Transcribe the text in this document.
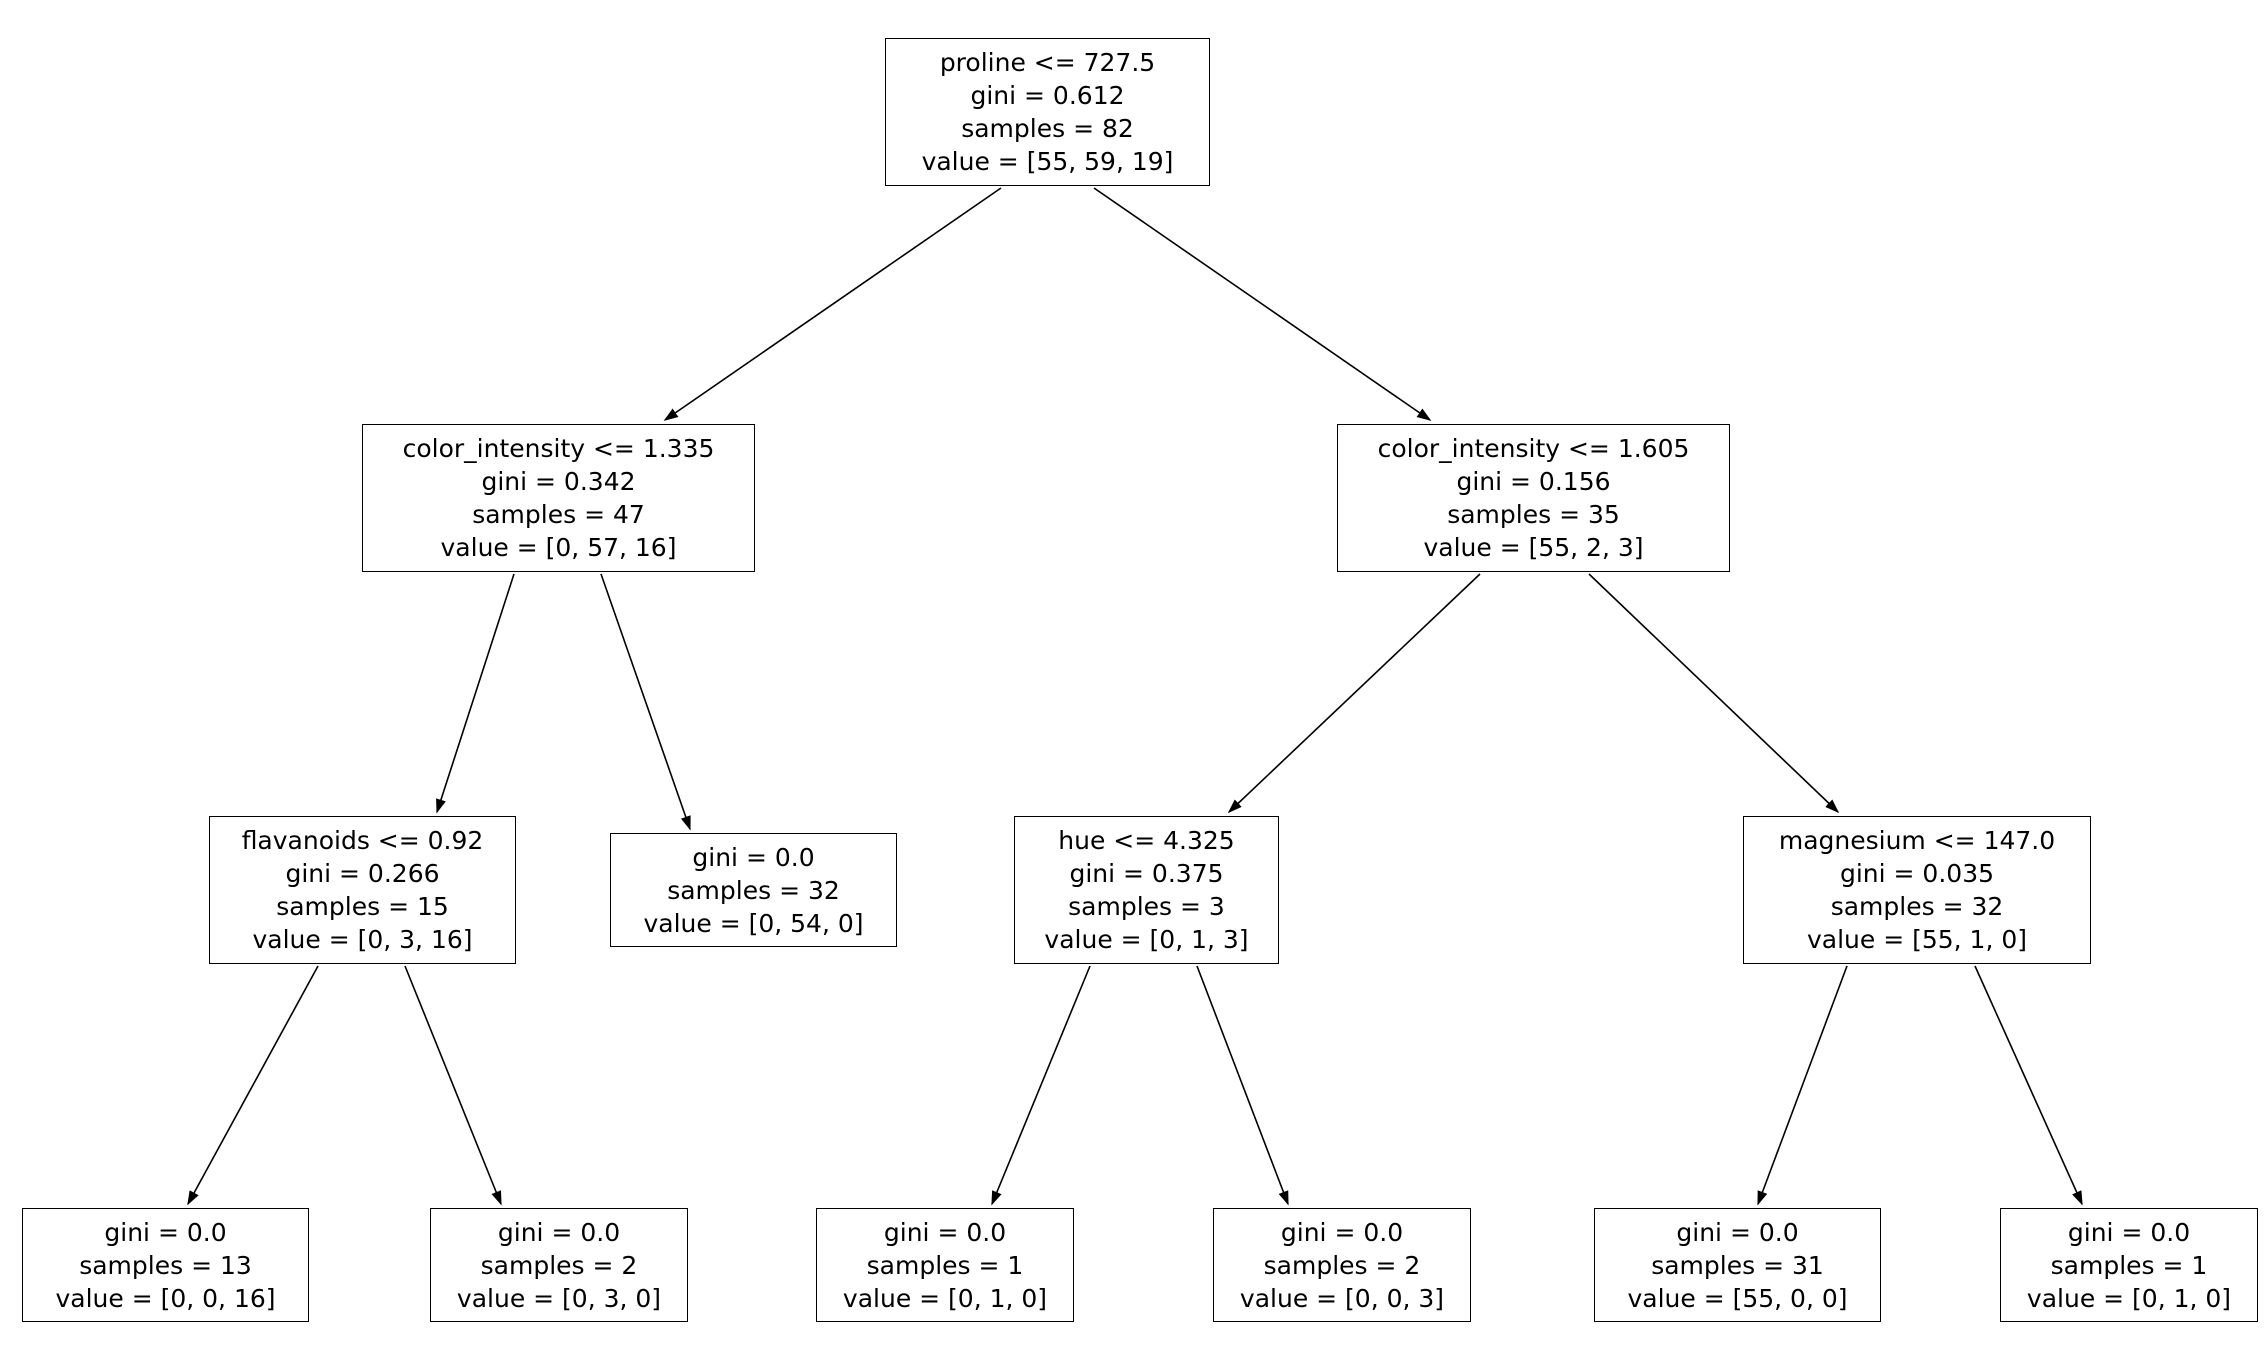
proline <= 727.5
gini = 0.612
samples = 82
value = [55, 59, 19]
color_intensity <= 1.335
gini = 0.342
samples = 47
value = [0, 57, 16]
color_intensity <= 1.605
gini = 0.156
samples = 35
value = [55, 2, 3]
flavanoids <= 0.92
gini = 0.266
samples = 15
value = [0, 3, 16]
gini = 0.0
samples = 32
value = [0, 54, 0]
hue <= 4.325
gini = 0.375
samples = 3
value = [0, 1, 3]
magnesium <= 147.0
gini = 0.035
samples = 32
value = [55, 1, 0]
gini = 0.0
samples = 13
value = [0, 0, 16]
gini = 0.0
samples = 2
value = [0, 3, 0]
gini = 0.0
samples = 1
value = [0, 1, 0]
gini = 0.0
samples = 2
value = [0, 0, 3]
gini = 0.0
samples = 31
value = [55, 0, 0]
gini = 0.0
samples = 1
value = [0, 1, 0]
